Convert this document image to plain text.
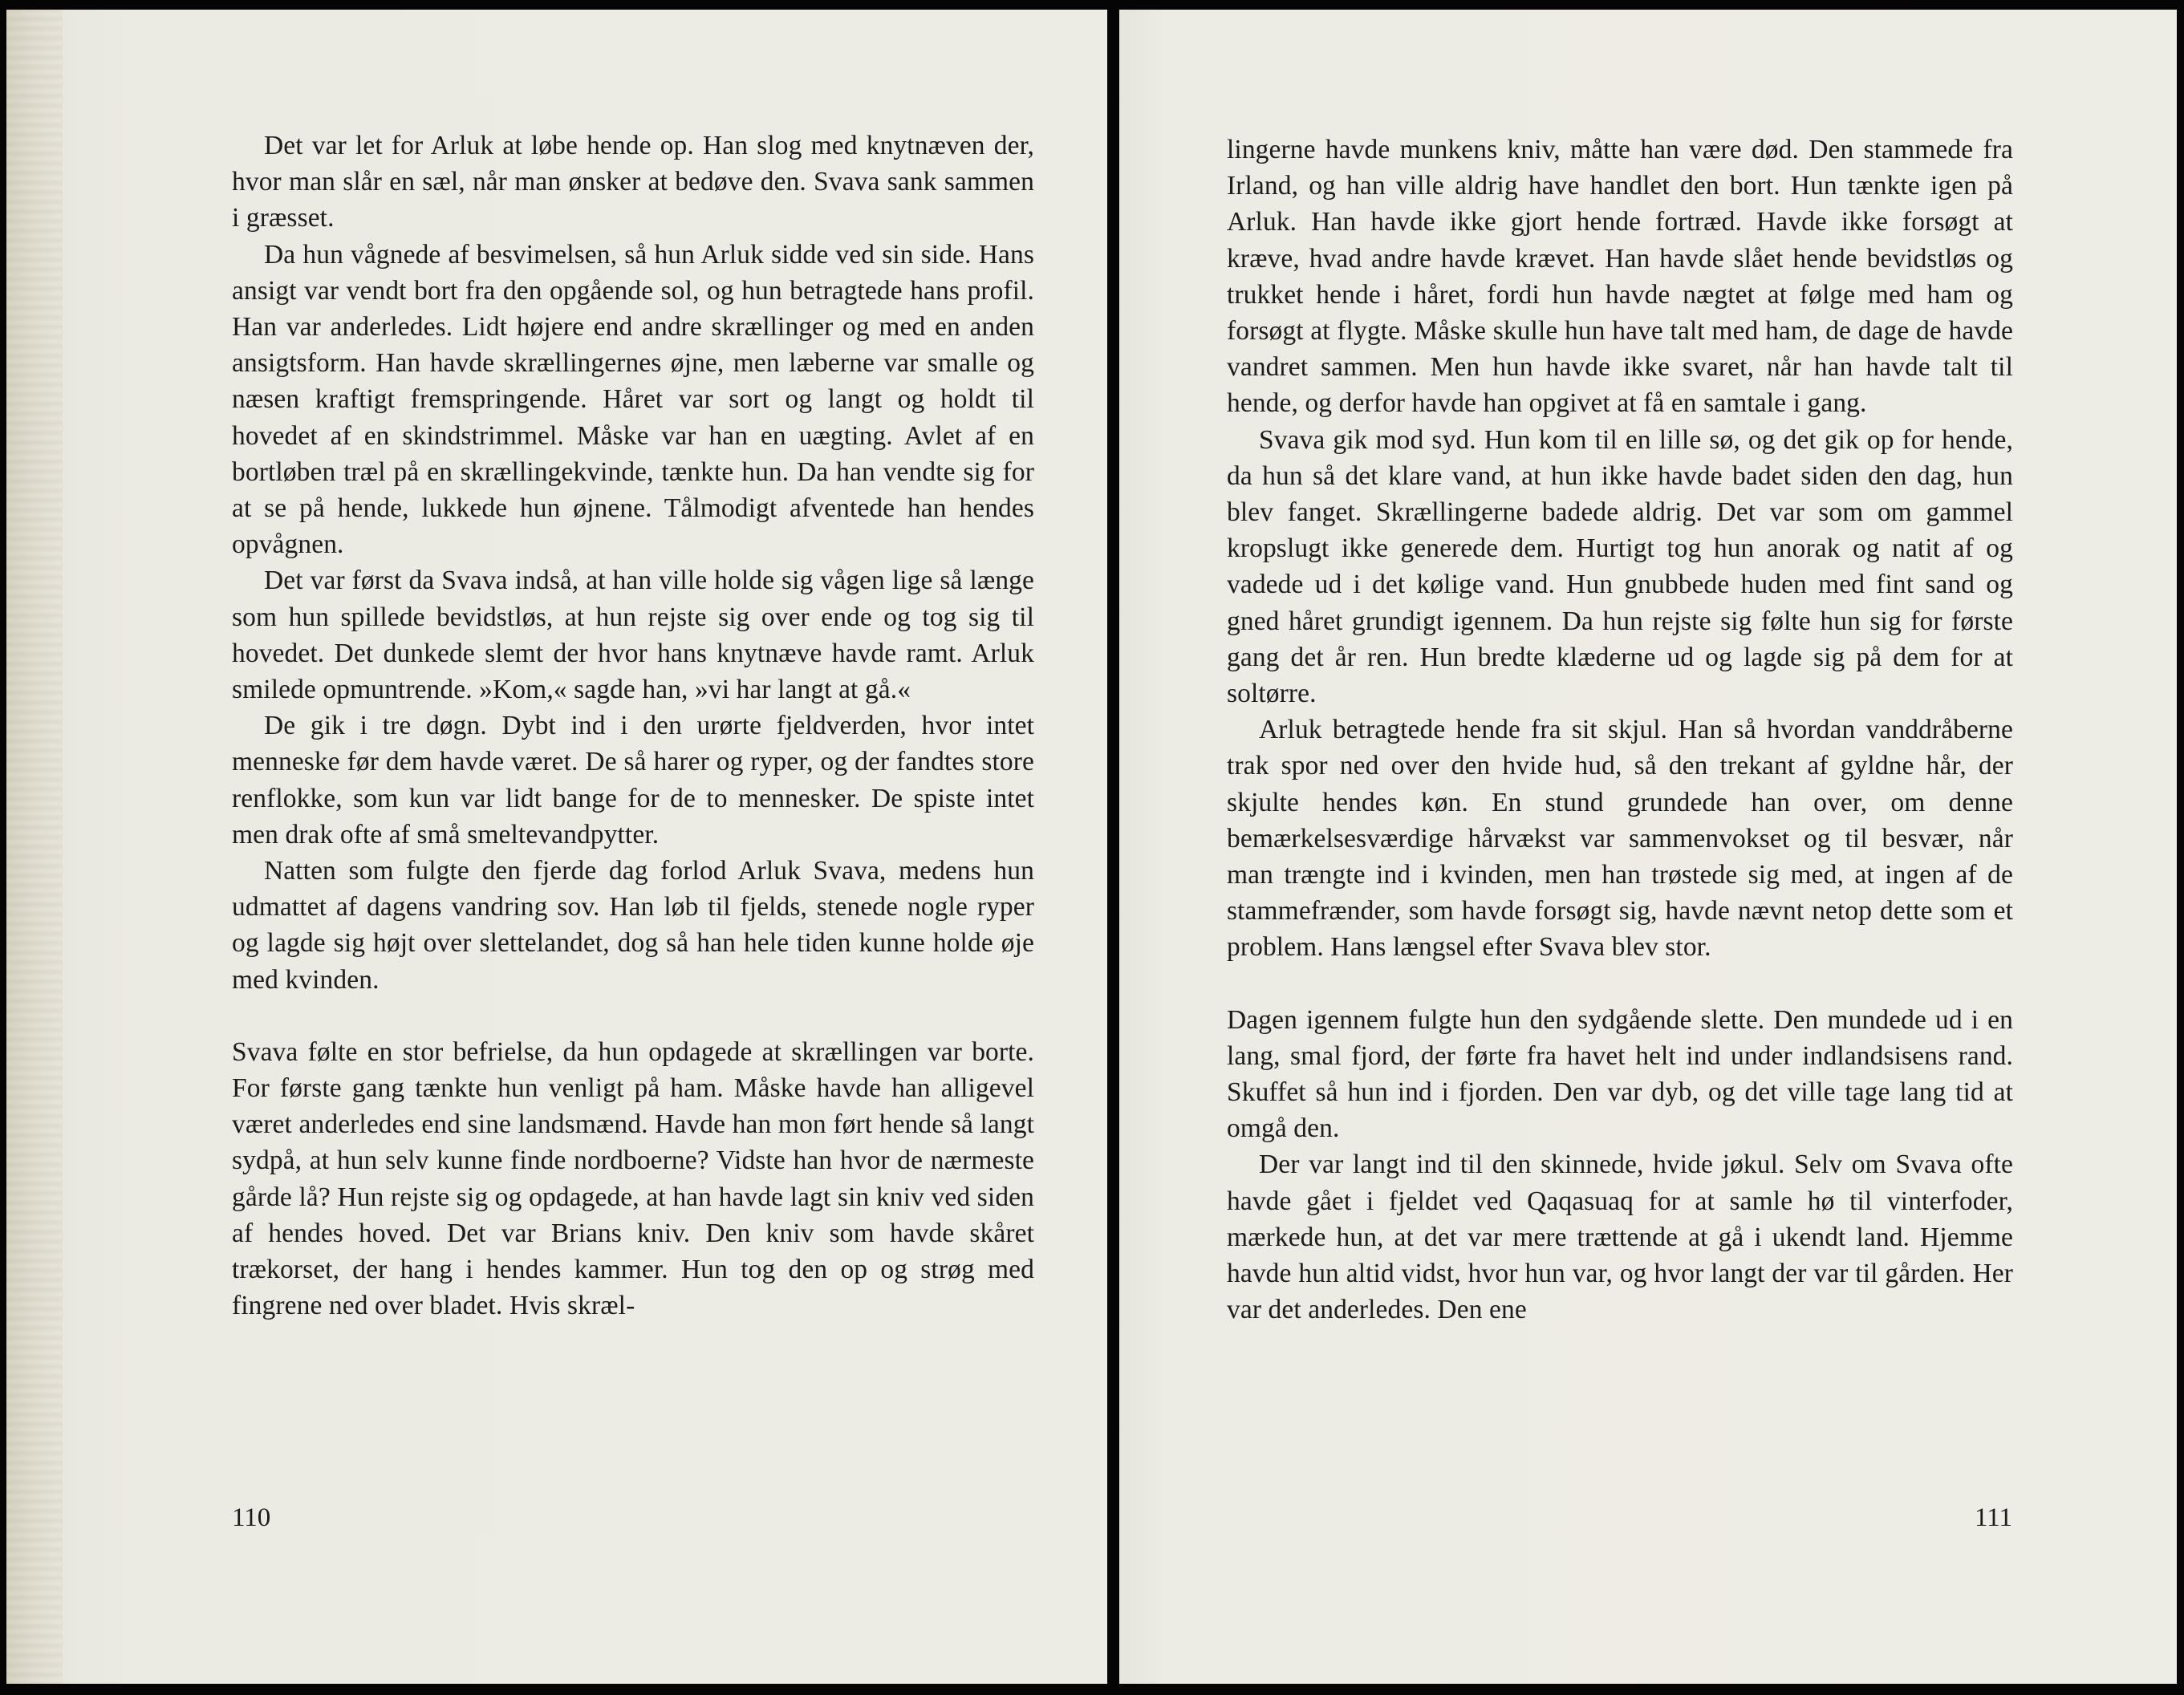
Det var let for Arluk at løbe hende op. Han slog med knytnæven der, hvor man slår en sæl, når man ønsker at bedøve den. Svava sank sammen i græsset.

Da hun vågnede af besvimelsen, så hun Arluk sidde ved sin side. Hans ansigt var vendt bort fra den opgående sol, og hun betragtede hans profil. Han var anderledes. Lidt højere end andre skrællinger og med en anden ansigtsform. Han havde skrællingernes øjne, men læberne var smalle og næsen kraftigt fremspringende. Håret var sort og langt og holdt til hovedet af en skindstrimmel. Måske var han en uægting. Avlet af en bortløben træl på en skrællingekvinde, tænkte hun. Da han vendte sig for at se på hende, lukkede hun øjnene. Tålmodigt afventede han hendes opvågnen.

Det var først da Svava indså, at han ville holde sig vågen lige så længe som hun spillede bevidstløs, at hun rejste sig over ende og tog sig til hovedet. Det dunkede slemt der hvor hans knytnæve havde ramt. Arluk smilede opmuntrende. »Kom,« sagde han, »vi har langt at gå.«

De gik i tre døgn. Dybt ind i den urørte fjeldverden, hvor intet menneske før dem havde været. De så harer og ryper, og der fandtes store renflokke, som kun var lidt bange for de to mennesker. De spiste intet men drak ofte af små smeltevandpytter.

Natten som fulgte den fjerde dag forlod Arluk Svava, medens hun udmattet af dagens vandring sov. Han løb til fjelds, stenede nogle ryper og lagde sig højt over slettelandet, dog så han hele tiden kunne holde øje med kvinden.

Svava følte en stor befrielse, da hun opdagede at skrællingen var borte. For første gang tænkte hun venligt på ham. Måske havde han alligevel været anderledes end sine landsmænd. Havde han mon ført hende så langt sydpå, at hun selv kunne finde nordboerne? Vidste han hvor de nærmeste gårde lå? Hun rejste sig og opdagede, at han havde lagt sin kniv ved siden af hendes hoved. Det var Brians kniv. Den kniv som havde skåret trækorset, der hang i hendes kammer. Hun tog den op og strøg med fingrene ned over bladet. Hvis skræl-

110

lingerne havde munkens kniv, måtte han være død. Den stammede fra Irland, og han ville aldrig have handlet den bort. Hun tænkte igen på Arluk. Han havde ikke gjort hende fortræd. Havde ikke forsøgt at kræve, hvad andre havde krævet. Han havde slået hende bevidstløs og trukket hende i håret, fordi hun havde nægtet at følge med ham og forsøgt at flygte. Måske skulle hun have talt med ham, de dage de havde vandret sammen. Men hun havde ikke svaret, når han havde talt til hende, og derfor havde han opgivet at få en samtale i gang.

Svava gik mod syd. Hun kom til en lille sø, og det gik op for hende, da hun så det klare vand, at hun ikke havde badet siden den dag, hun blev fanget. Skrællingerne badede aldrig. Det var som om gammel kropslugt ikke generede dem. Hurtigt tog hun anorak og natit af og vadede ud i det kølige vand. Hun gnubbede huden med fint sand og gned håret grundigt igennem. Da hun rejste sig følte hun sig for første gang det år ren. Hun bredte klæderne ud og lagde sig på dem for at soltørre.

Arluk betragtede hende fra sit skjul. Han så hvordan vanddråberne trak spor ned over den hvide hud, så den trekant af gyldne hår, der skjulte hendes køn. En stund grundede han over, om denne bemærkelsesværdige hårvækst var sammenvokset og til besvær, når man trængte ind i kvinden, men han trøstede sig med, at ingen af de stammefrænder, som havde forsøgt sig, havde nævnt netop dette som et problem. Hans længsel efter Svava blev stor.

Dagen igennem fulgte hun den sydgående slette. Den mundede ud i en lang, smal fjord, der førte fra havet helt ind under indlandsisens rand. Skuffet så hun ind i fjorden. Den var dyb, og det ville tage lang tid at omgå den.

Der var langt ind til den skinnede, hvide jøkul. Selv om Svava ofte havde gået i fjeldet ved Qaqasuaq for at samle hø til vinterfoder, mærkede hun, at det var mere trættende at gå i ukendt land. Hjemme havde hun altid vidst, hvor hun var, og hvor langt der var til gården. Her var det anderledes. Den ene

111
